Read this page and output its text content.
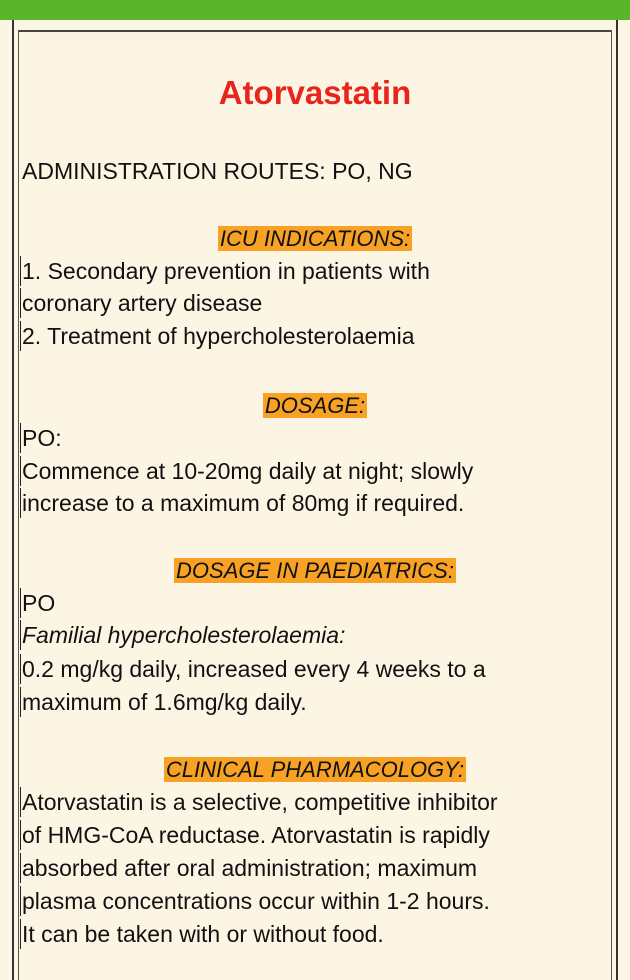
Atorvastatin
ADMINISTRATION ROUTES: PO, NG
ICU INDICATIONS:
1. Secondary prevention in patients with
coronary artery disease
2. Treatment of hypercholesterolaemia
DOSAGE:
PO:
Commence at 10-20mg daily at night; slowly
increase to a maximum of 80mg if required.
DOSAGE IN PAEDIATRICS:
PO
Familial hypercholesterolaemia:
0.2 mg/kg daily, increased every 4 weeks to a
maximum of 1.6mg/kg daily.
CLINICAL PHARMACOLOGY:
Atorvastatin is a selective, competitive inhibitor
of HMG-CoA reductase. Atorvastatin is rapidly
absorbed after oral administration; maximum
plasma concentrations occur within 1-2 hours.
It can be taken with or without food.
